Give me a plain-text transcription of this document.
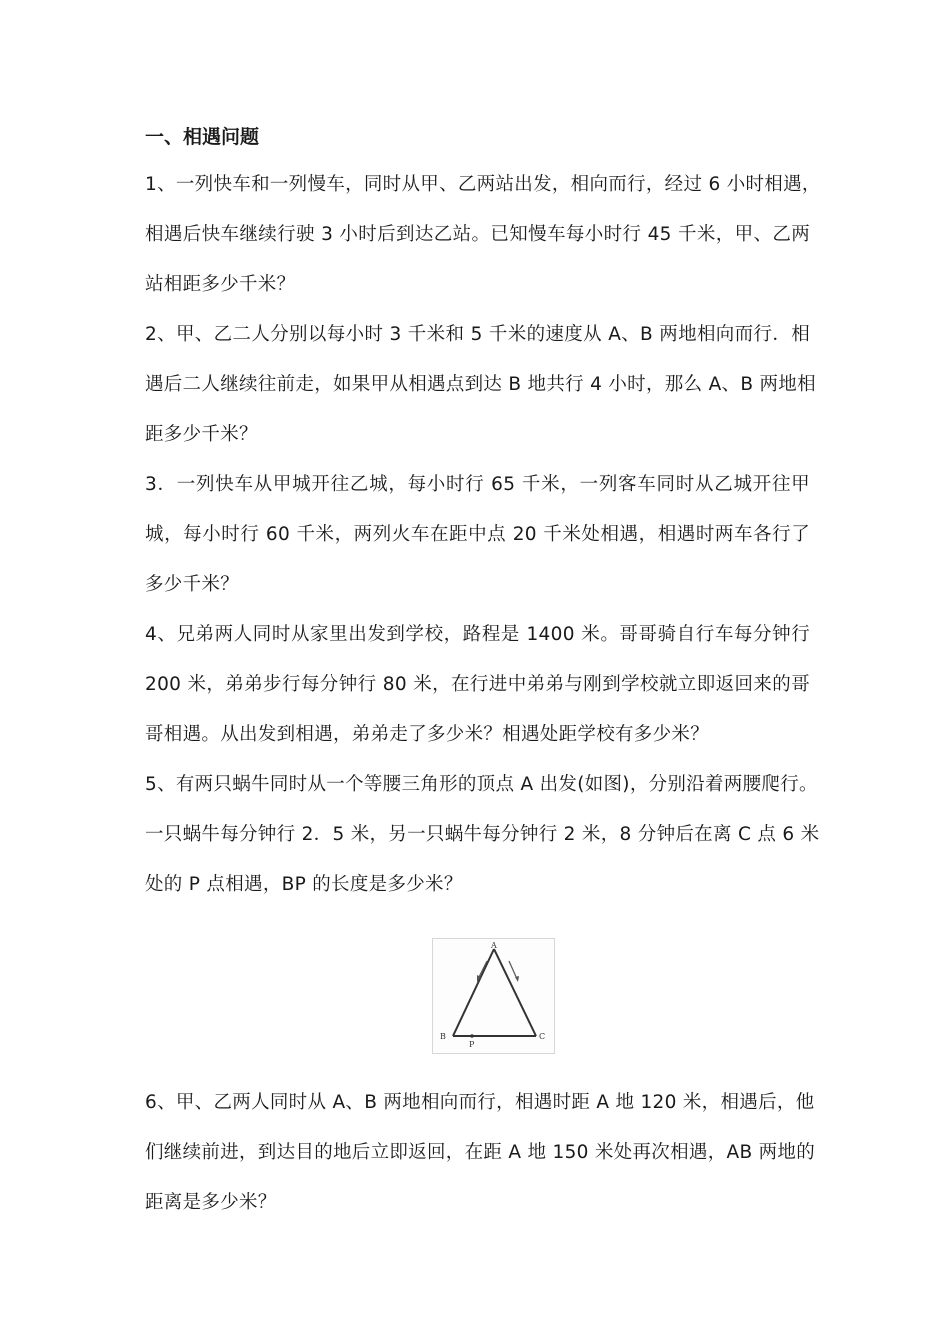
一、相遇问题
1、一列快车和一列慢车，同时从甲、乙两站出发，相向而行，经过 6 小时相遇，
相遇后快车继续行驶 3 小时后到达乙站。已知慢车每小时行 45 千米，甲、乙两
站相距多少千米？
2、甲、乙二人分别以每小时 3 千米和 5 千米的速度从 A、B 两地相向而行．相
遇后二人继续往前走，如果甲从相遇点到达 B 地共行 4 小时，那么 A、B 两地相
距多少千米？
3．一列快车从甲城开往乙城，每小时行 65 千米，一列客车同时从乙城开往甲
城，每小时行 60 千米，两列火车在距中点 20 千米处相遇，相遇时两车各行了
多少千米？
4、兄弟两人同时从家里出发到学校，路程是 1400 米。哥哥骑自行车每分钟行
200 米，弟弟步行每分钟行 80 米，在行进中弟弟与刚到学校就立即返回来的哥
哥相遇。从出发到相遇，弟弟走了多少米？相遇处距学校有多少米？
5、有两只蜗牛同时从一个等腰三角形的顶点 A 出发(如图)，分别沿着两腰爬行。
一只蜗牛每分钟行 2．5 米，另一只蜗牛每分钟行 2 米，8 分钟后在离 C 点 6 米
处的 P 点相遇，BP 的长度是多少米？
A
B	C
P
6、甲、乙两人同时从 A、B 两地相向而行，相遇时距 A 地 120 米，相遇后，他
们继续前进，到达目的地后立即返回，在距 A 地 150 米处再次相遇，AB 两地的
距离是多少米？
